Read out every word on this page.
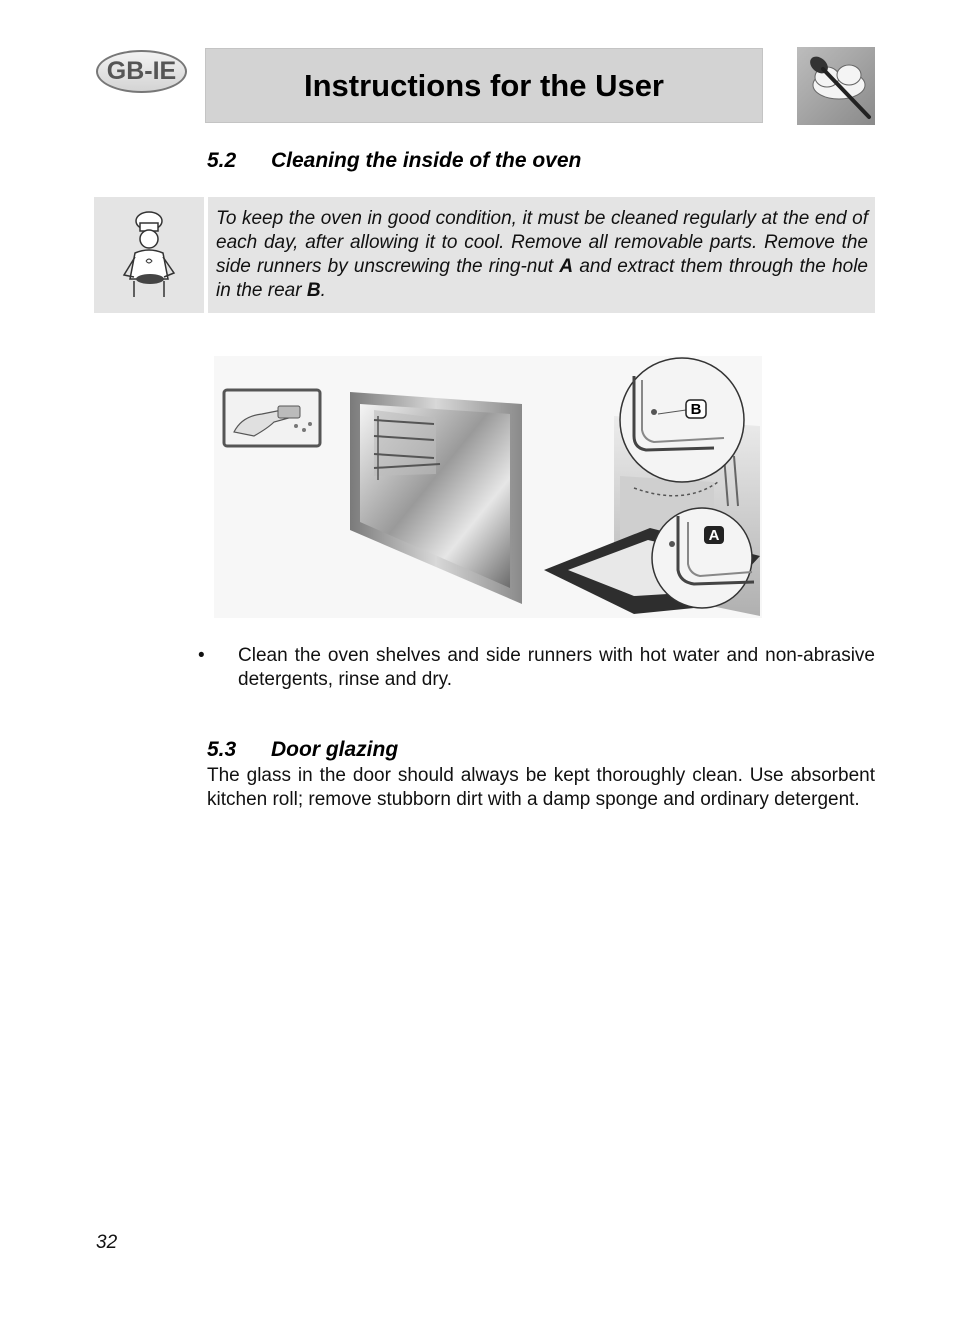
GB-IE	Instructions for the User
5.2 Cleaning the inside of the oven
To keep the oven in good condition, it must be cleaned regularly at the end of each day, after allowing it to cool. Remove all removable parts. Remove the side runners by unscrewing the ring-nut A and extract them through the hole in the rear B.
B
A
• Clean the oven shelves and side runners with hot water and non-abrasive detergents, rinse and dry.
5.3 Door glazing
The glass in the door should always be kept thoroughly clean. Use absorbent kitchen roll; remove stubborn dirt with a damp sponge and ordinary detergent.
32
